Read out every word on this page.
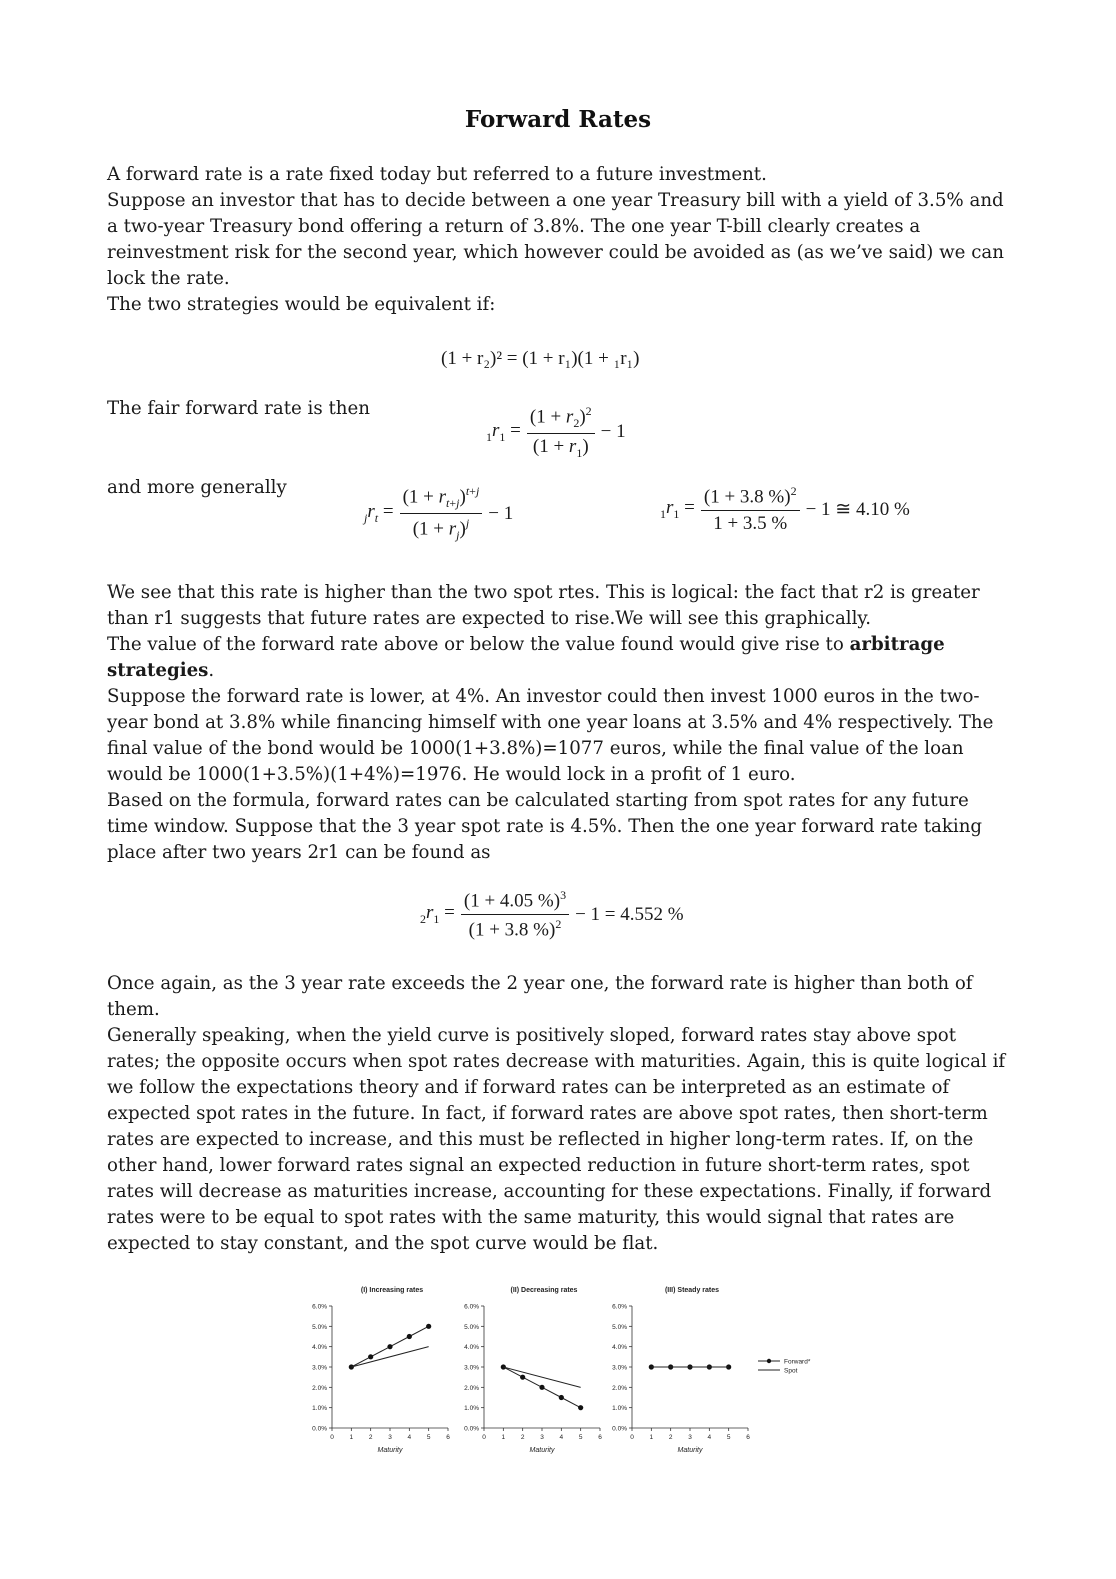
Forward Rates

A forward rate is a rate fixed today but referred to a future investment.

Suppose an investor that has to decide between a one year Treasury bill with a yield of 3.5% and a two-year Treasury bond offering a return of 3.8%. The one year T-bill clearly creates a reinvestment risk for the second year, which however could be avoided as (as we’ve said) we can lock the rate.

The two strategies would be equivalent if:

(1 + r₂)² = (1 + r₁)(1 + ₁r₁)
The fair forward rate is then
$_1r_1 = \frac{(1 + r_2)^2}{(1 + r_1)} - 1$
and more generally
$_jr_t = \frac{(1 + r_{t+j})^{t+j}}{(1 + r_j)^j} - 1$	$_1r_1 = \frac{(1 + 3.8 \%)^2}{1 + 3.5 \%} - 1$ ≅ 4.10 %

We see that this rate is higher than the two spot rtes. This is logical: the fact that r2 is greater than r1 suggests that future rates are expected to rise.We will see this graphically.

The value of the forward rate above or below the value found would give rise to arbitrage strategies.

Suppose the forward rate is lower, at 4%. An investor could then invest 1000 euros in the two-year bond at 3.8% while financing himself with one year loans at 3.5% and 4% respectively. The final value of the bond would be 1000(1+3.8%)=1077 euros, while the final value of the loan would be 1000(1+3.5%)(1+4%)=1976. He would lock in a profit of 1 euro.

Based on the formula, forward rates can be calculated starting from spot rates for any future time window. Suppose that the 3 year spot rate is 4.5%. Then the one year forward rate taking place after two years 2r1 can be found as

$_2r_1 = \frac{(1 + 4.05 \%)^3}{(1 + 3.8 \%)^2} - 1 = 4.552$ %

Once again, as the 3 year rate exceeds the 2 year one, the forward rate is higher than both of them.

Generally speaking, when the yield curve is positively sloped, forward rates stay above spot rates; the opposite occurs when spot rates decrease with maturities. Again, this is quite logical if we follow the expectations theory and if forward rates can be interpreted as an estimate of expected spot rates in the future. In fact, if forward rates are above spot rates, then short-term rates are expected to increase, and this must be reflected in higher long-term rates. If, on the other hand, lower forward rates signal an expected reduction in future short-term rates, spot rates will decrease as maturities increase, accounting for these expectations. Finally, if forward rates were to be equal to spot rates with the same maturity, this would signal that rates are expected to stay constant, and the spot curve would be flat.

(I) Increasing rates
0.0%
1.0%
2.0%
3.0%
4.0%
5.0%
6.0%
0 1 2 3 4 5 6
Maturity
(II) Decreasing rates
0.0%
1.0%
2.0%
3.0%
4.0%
5.0%
6.0%
0 1 2 3 4 5 6
Maturity
(III) Steady rates
0.0%
1.0%
2.0%
3.0%
4.0%
5.0%
6.0%
0 1 2 3 4 5 6
Maturity
Forward*
Spot
